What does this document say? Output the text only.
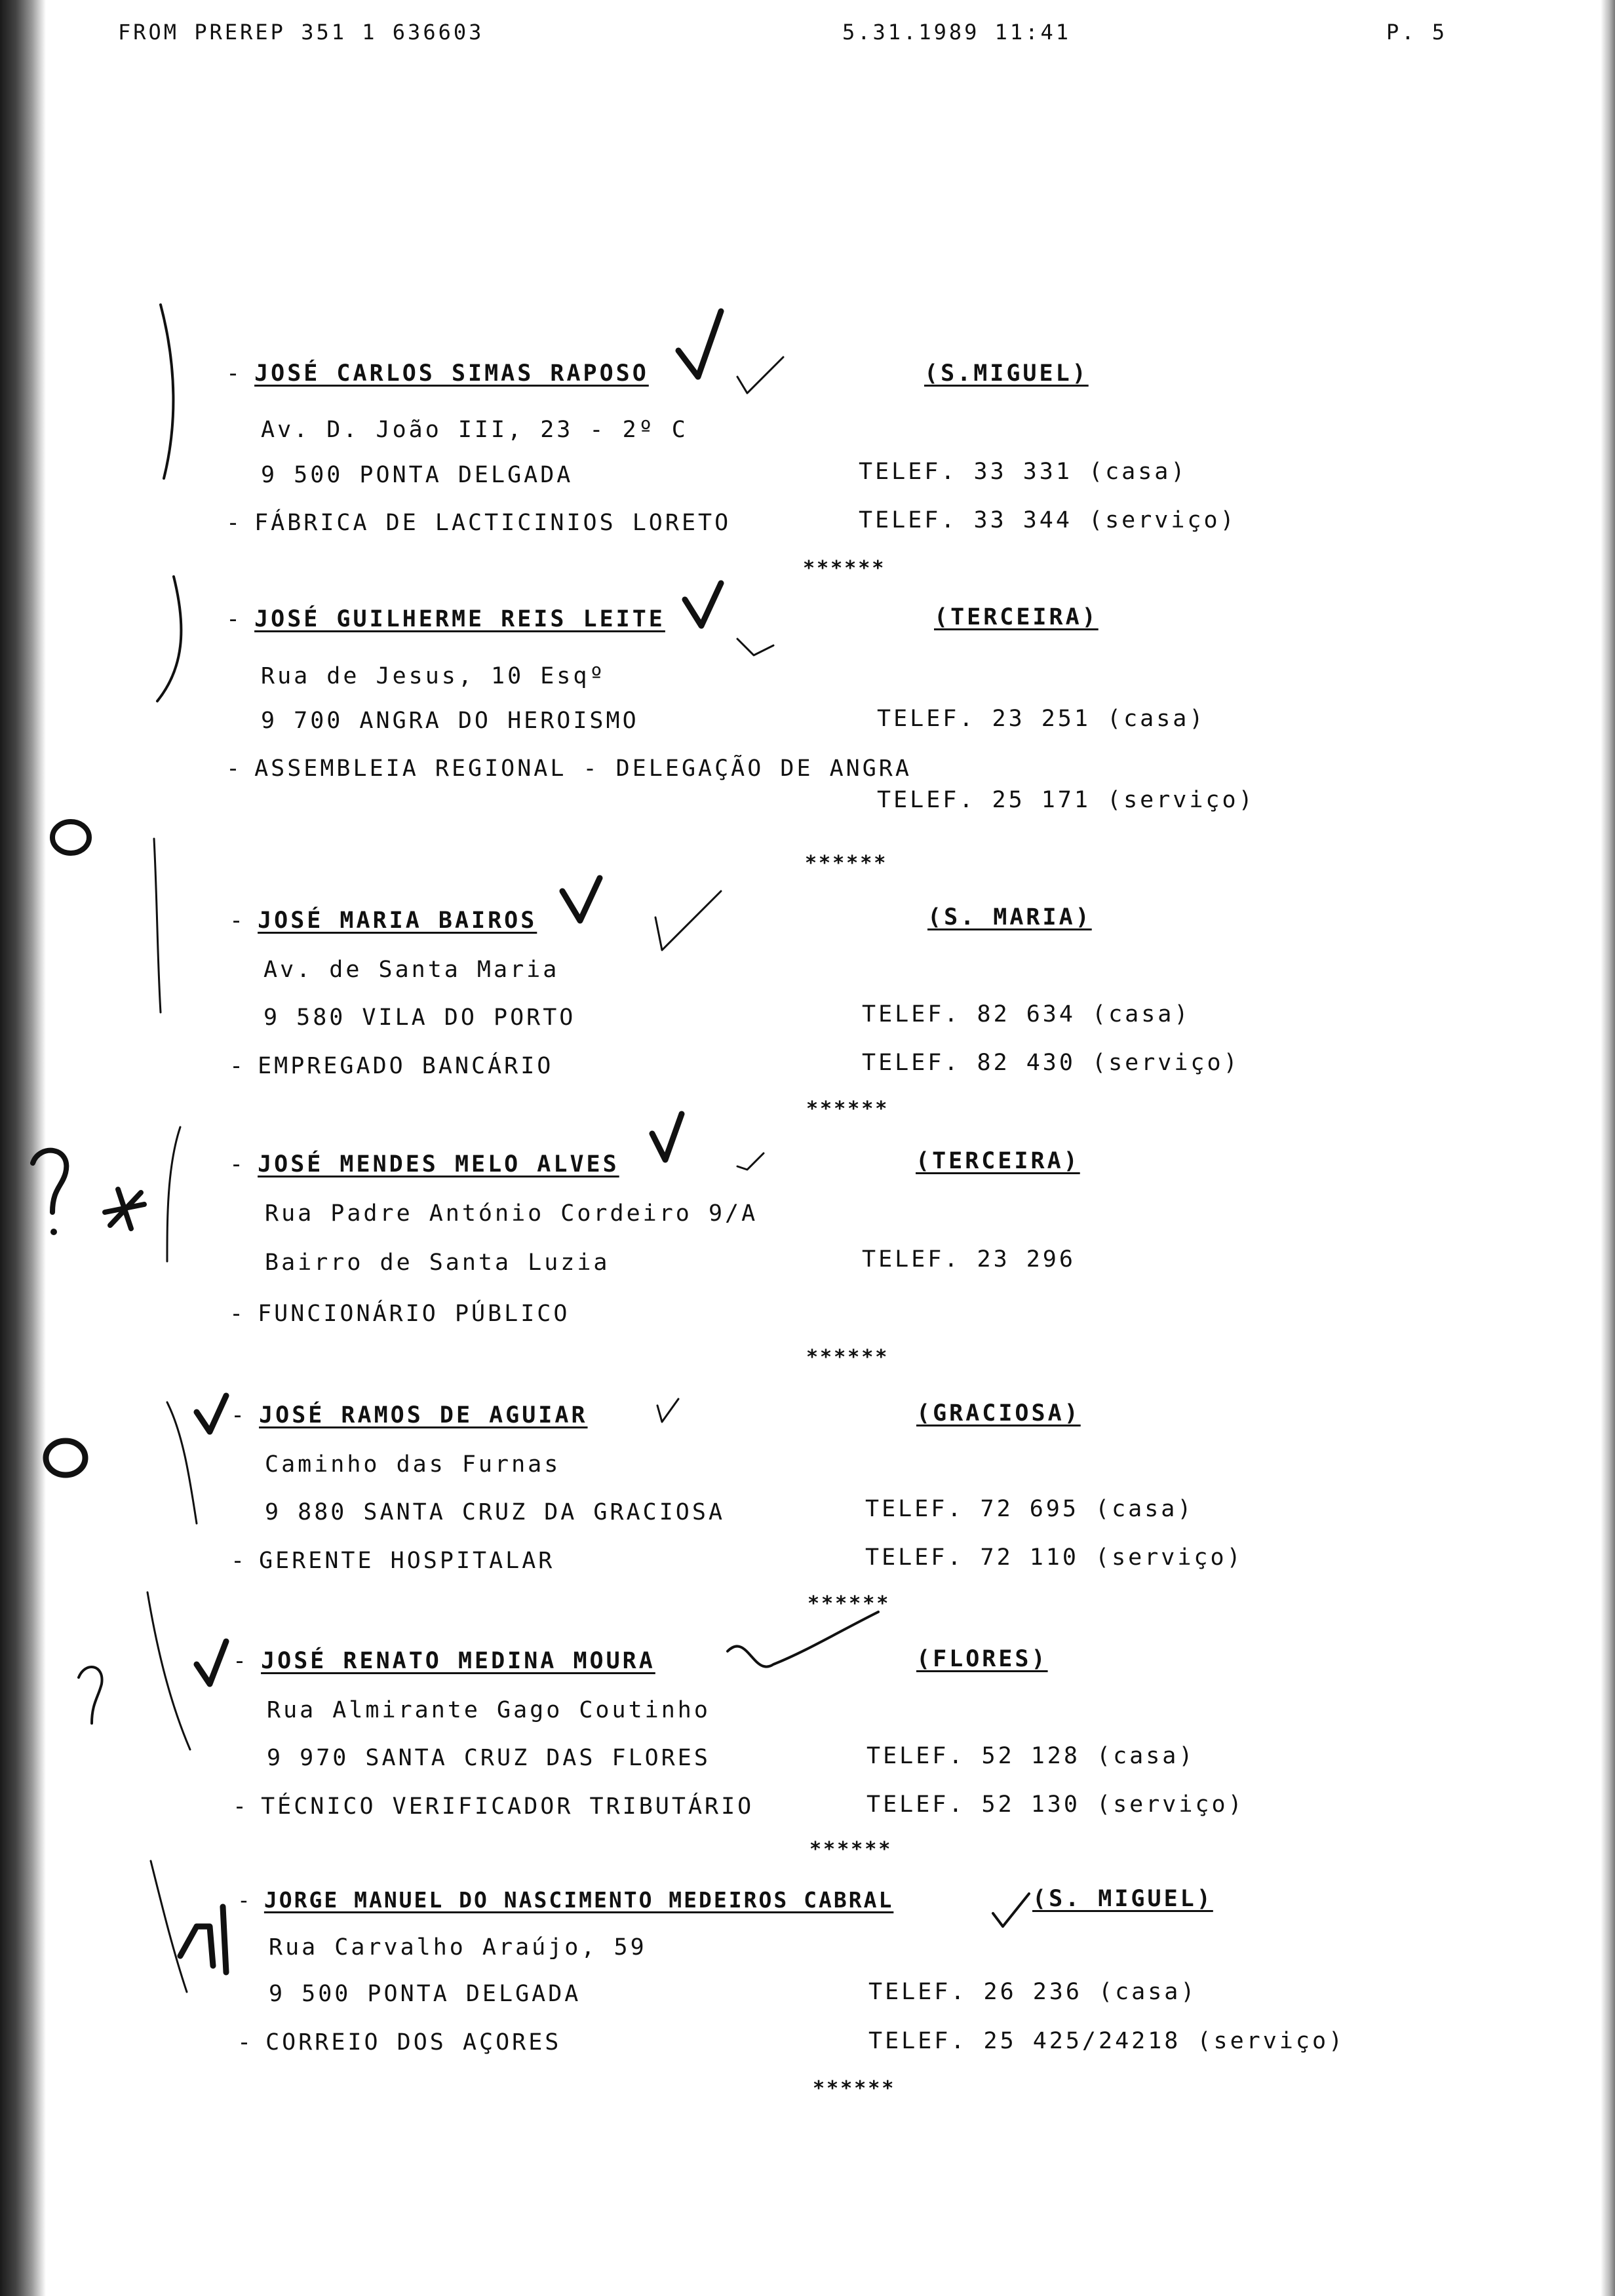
FROM PREREP 351 1 636603	5.31.1989 11:41	P. 5
- JOSÉ CARLOS SIMAS RAPOSO	(S.MIGUEL)
Av. D. João III, 23 - 2º C
9 500 PONTA DELGADA	TELEF. 33 331 (casa)
- FÁBRICA DE LACTICINIOS LORETO	TELEF. 33 344 (serviço)
******
- JOSÉ GUILHERME REIS LEITE	(TERCEIRA)
Rua de Jesus, 10 Esqº
9 700 ANGRA DO HEROISMO	TELEF. 23 251 (casa)
- ASSEMBLEIA REGIONAL - DELEGAÇÃO DE ANGRA
TELEF. 25 171 (serviço)
******
- JOSÉ MARIA BAIROS	(S. MARIA)
Av. de Santa Maria
9 580 VILA DO PORTO	TELEF. 82 634 (casa)
- EMPREGADO BANCÁRIO	TELEF. 82 430 (serviço)
******
- JOSÉ MENDES MELO ALVES	(TERCEIRA)
Rua Padre António Cordeiro 9/A
Bairro de Santa Luzia	TELEF. 23 296
- FUNCIONÁRIO PÚBLICO
******
- JOSÉ RAMOS DE AGUIAR	(GRACIOSA)
Caminho das Furnas
9 880 SANTA CRUZ DA GRACIOSA	TELEF. 72 695 (casa)
- GERENTE HOSPITALAR	TELEF. 72 110 (serviço)
******
- JOSÉ RENATO MEDINA MOURA	(FLORES)
Rua Almirante Gago Coutinho
9 970 SANTA CRUZ DAS FLORES	TELEF. 52 128 (casa)
- TÉCNICO VERIFICADOR TRIBUTÁRIO	TELEF. 52 130 (serviço)
******
- JORGE MANUEL DO NASCIMENTO MEDEIROS CABRAL	(S. MIGUEL)
Rua Carvalho Araújo, 59
9 500 PONTA DELGADA	TELEF. 26 236 (casa)
- CORREIO DOS AÇORES	TELEF. 25 425/24218 (serviço)
******
